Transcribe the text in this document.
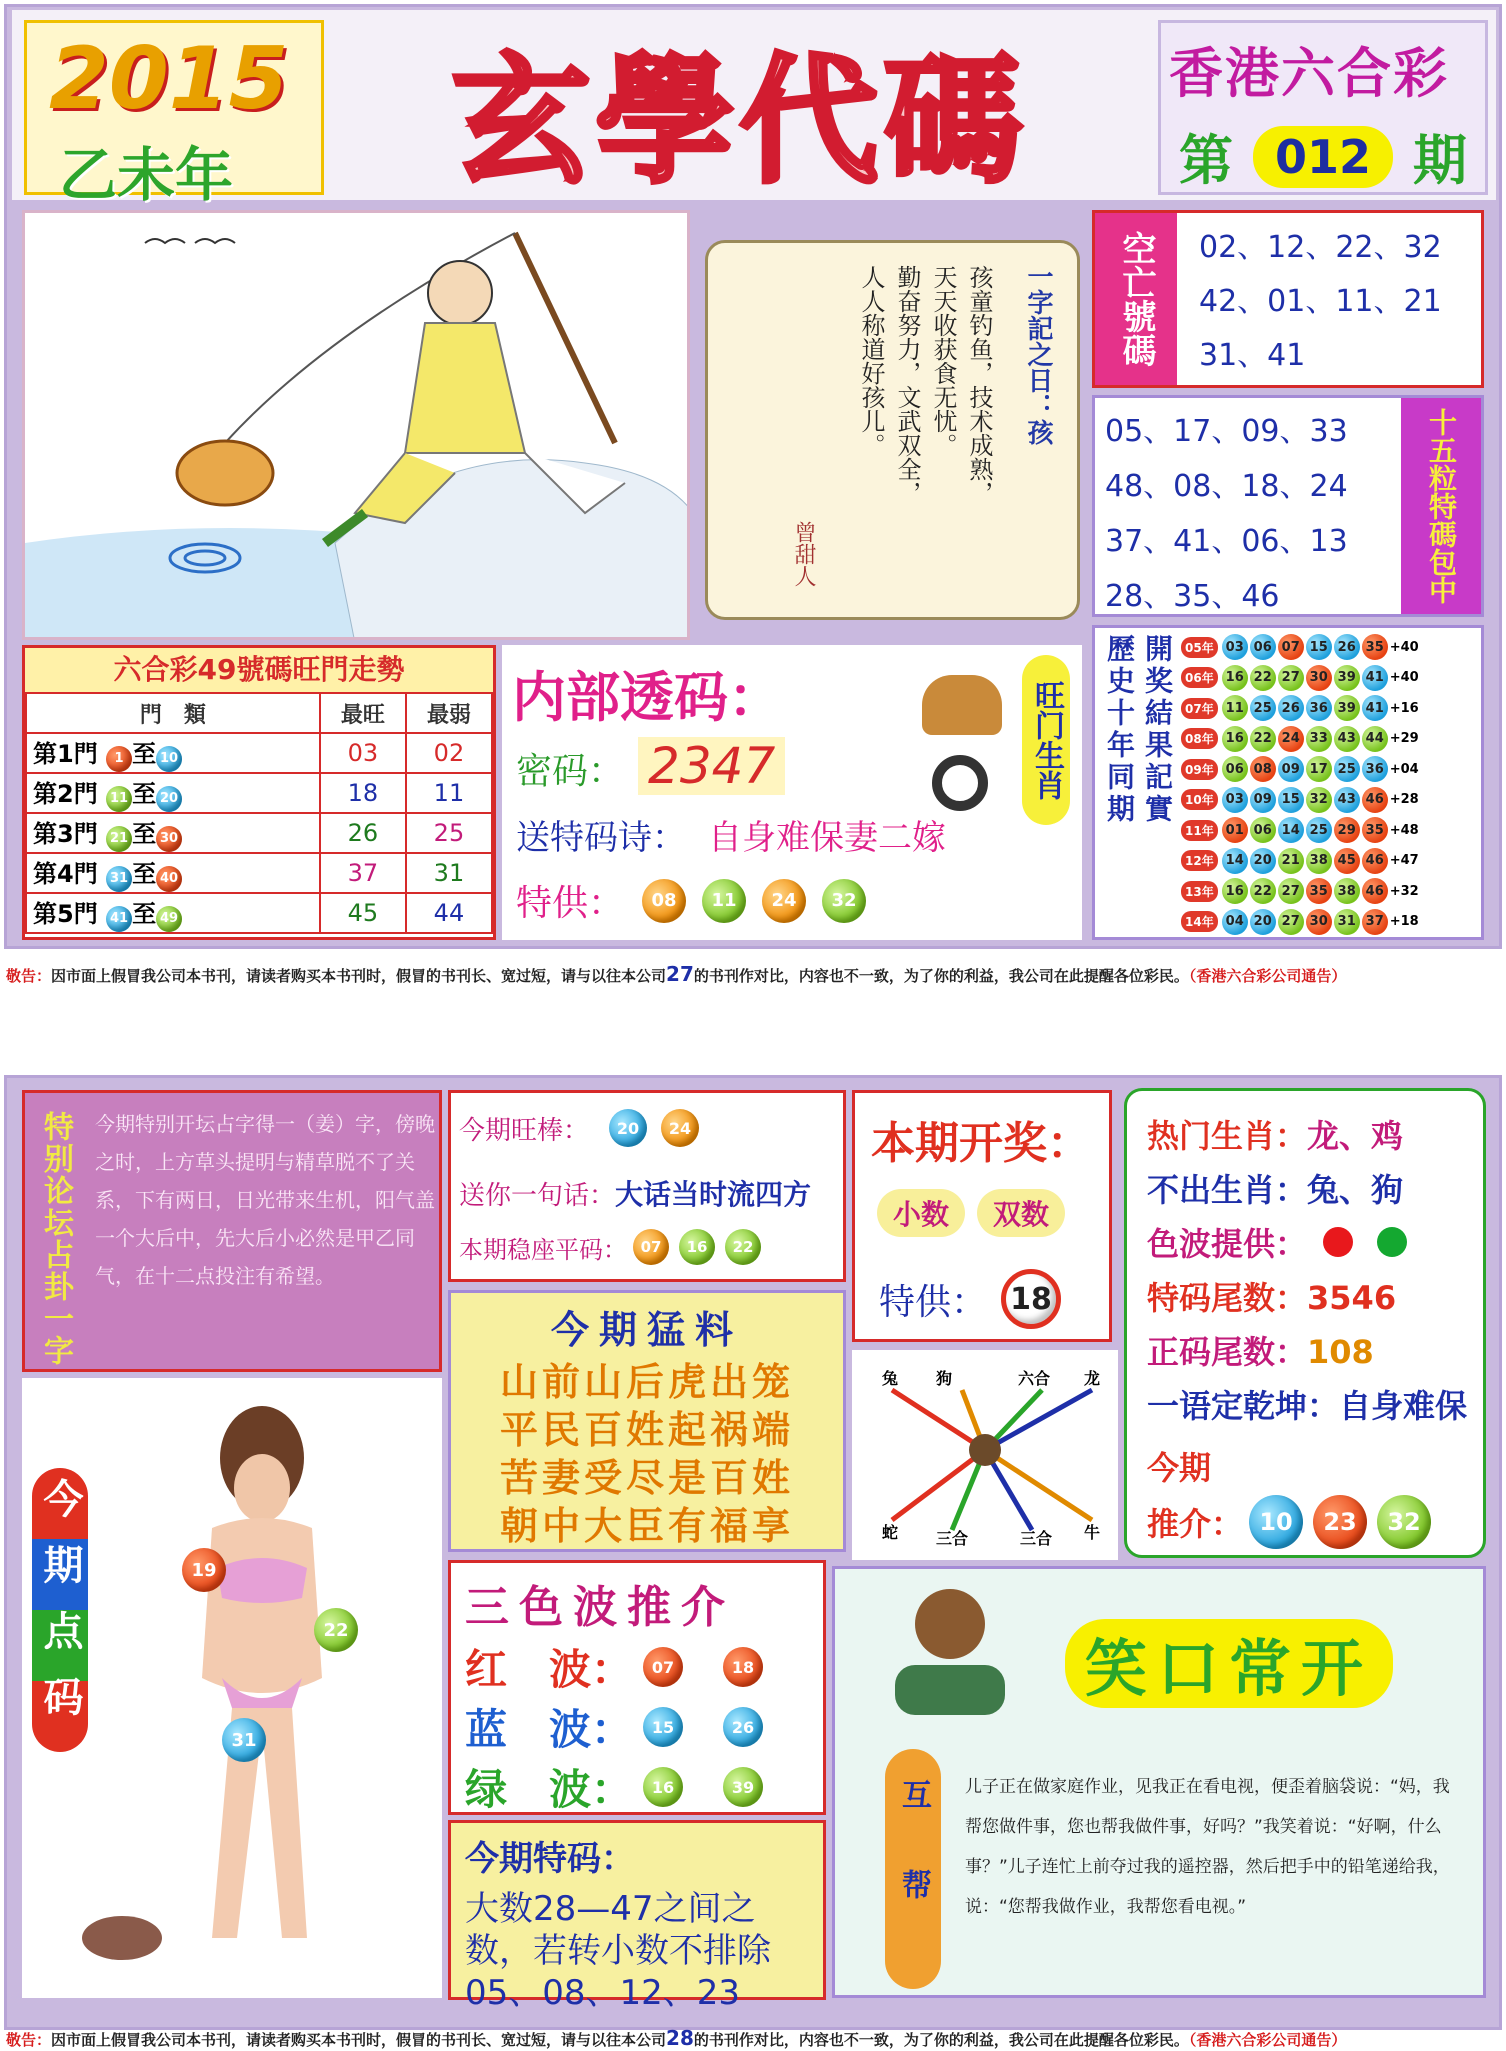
2015
乙未年 玄學代碼	香港六合彩
第 012 期
一字記之日：孩
孩童钓鱼，技术成熟，
天天收获食无忧。
勤奋努力，文武双全，
人人称道好孩儿。
曾甜人
空亡號碼	02、12、22、32
42、01、11、21
31、41
05、17、09、33
48、08、18、24
37、41、06、13
28、35、46	十五粒特碼包中
六合彩49號碼旺門走勢
門　類	最旺	最弱
第1門 1 至 10	03	02
第2門 11 至 20	18	11
第3門 21 至 30	26	25
第4門 31 至 40	37	31
第5門 41 至 49	45	44
内部透码：
密码： 2347
送特码诗： 自身难保妻二嫁
特供：	08	11	24	32
旺门生肖 歷史十年同期 開奖結果記實 05年 03 06 07 15 26 35 +40
06年 16 22 27 30 39 41 +40
07年 11 25 26 36 39 41 +16
08年 16 22 24 33 43 44 +29
09年 06 08 09 17 25 36 +04
10年 03 09 15 32 43 46 +28
11年 01 06 14 25 29 35 +48
12年 14 20 21 38 45 46 +47
13年 16 22 27 35 38 46 +32
14年 04 20 27 30 31 37 +18
敬告：因市面上假冒我公司本书刊，请读者购买本书刊时，假冒的书刊长、宽过短，请与以往本公司27的书刊作对比，内容也不一致，为了你的利益，我公司在此提醒各位彩民。（香港六合彩公司通告）
特别论坛占卦一字 今期特别开坛占字得一（姜）字，傍晚之时，上方草头提明与精草脱不了关系，下有两日，日光带来生机，阳气盖一个大后中，先大后小必然是甲乙同气，在十二点投注有希望。
今期旺棒：	20	24
送你一句话： 大话当时流四方
本期稳座平码： 07	16	22
本期开奖：
小数	双数
特供： 18
热门生肖：龙、鸡
不出生肖：兔、狗
色波提供：
特码尾数：3546
正码尾数：108
一语定乾坤：自身难保
今期
推介： 10	23	32
今期点码	19
22
31
今期猛料
山前山后虎出笼
平民百姓起祸端
苦妻受尽是百姓
朝中大臣有福享
兔 狗	六合 龙
蛇 三合	三合 牛
三色波推介
红　波：	07	18
蓝　波：	15	26
绿　波：	16	39
今期特码：
大数28—47之间之数，若转小数不排除05、08、12、23
笑口常开
互帮	儿子正在做家庭作业，见我正在看电视，便歪着脑袋说：“妈，我帮您做件事，您也帮我做件事，好吗？”我笑着说：“好啊，什么事？”儿子连忙上前夺过我的遥控器，然后把手中的铅笔递给我，说：“您帮我做作业，我帮您看电视。”
敬告：因市面上假冒我公司本书刊，请读者购买本书刊时，假冒的书刊长、宽过短，请与以往本公司28的书刊作对比，内容也不一致，为了你的利益，我公司在此提醒各位彩民。（香港六合彩公司通告）
